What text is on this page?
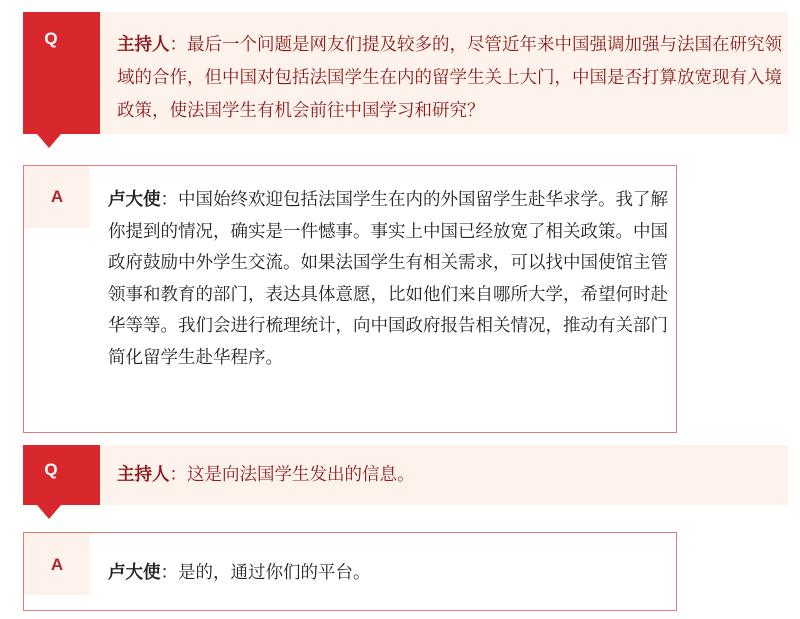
Q	主持人：最后一个问题是网友们提及较多的，尽管近年来中国强调加强与法国在研究领域的合作，但中国对包括法国学生在内的留学生关上大门，中国是否打算放宽现有入境政策，使法国学生有机会前往中国学习和研究？
A	卢大使：中国始终欢迎包括法国学生在内的外国留学生赴华求学。我了解你提到的情况，确实是一件憾事。事实上中国已经放宽了相关政策。中国政府鼓励中外学生交流。如果法国学生有相关需求，可以找中国使馆主管领事和教育的部门，表达具体意愿，比如他们来自哪所大学，希望何时赴华等等。我们会进行梳理统计，向中国政府报告相关情况，推动有关部门简化留学生赴华程序。
Q	主持人：这是向法国学生发出的信息。
A	卢大使：是的，通过你们的平台。
